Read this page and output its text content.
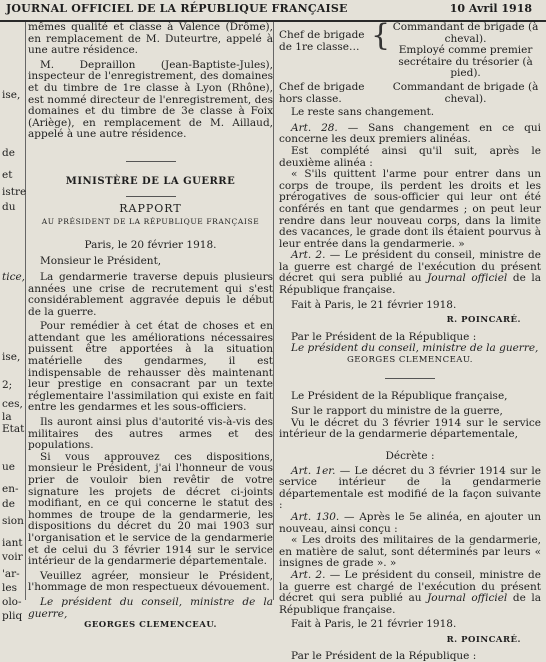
JOURNAL OFFICIEL DE LA RÉPUBLIQUE FRANÇAISE	10 Avril 1918
ise,
de
et
istre
du
tice,
ise,
2;
ces,
la
Etat
ue
en-
de
sion
iant
voir
'ar-
les
olo-
pliq

mêmes qualité et classe à Valence (Drôme), en remplacement de M. Duteurtre, appelé à une autre résidence.

M. Depraillon (Jean-Baptiste-Jules), inspecteur de l'enregistrement, des domaines et du timbre de 1re classe à Lyon (Rhône), est nommé directeur de l'enregistrement, des domaines et du timbre de 3e classe à Foix (Ariège), en remplacement de M. Aillaud, appelé à une autre résidence.

MINISTÈRE DE LA GUERRE

RAPPORT

AU PRÉSIDENT DE LA RÉPUBLIQUE FRANÇAISE

Paris, le 20 février 1918.

Monsieur le Président,

La gendarmerie traverse depuis plusieurs années une crise de recrutement qui s'est considérablement aggravée depuis le début de la guerre.

Pour remédier à cet état de choses et en attendant que les améliorations nécessaires puissent être apportées à la situation matérielle des gendarmes, il est indispensable de rehausser dès maintenant leur prestige en consacrant par un texte réglementaire l'assimilation qui existe en fait entre les gendarmes et les sous-officiers.

Ils auront ainsi plus d'autorité vis-à-vis des militaires des autres armes et des populations.

Si vous approuvez ces dispositions, monsieur le Président, j'ai l'honneur de vous prier de vouloir bien revêtir de votre signature les projets de décret ci-joints modifiant, en ce qui concerne le statut des hommes de troupe de la gendarmerie, les dispositions du décret du 20 mai 1903 sur l'organisation et le service de la gendarmerie et de celui du 3 février 1914 sur le service intérieur de la gendarmerie départementale.

Veuillez agréer, monsieur le Président, l'hommage de mon respectueux dévouement.

Le président du conseil, ministre de la guerre,

GEORGES CLEMENCEAU.

Chef de brigade de 1re classe…	{	Commandant de brigade (à cheval).
Employé comme premier secrétaire du trésorier (à pied).

Chef de brigade hors classe.		Commandant de brigade (à cheval).

Le reste sans changement.

Art. 28. — Sans changement en ce qui concerne les deux premiers alinéas.

Est complété ainsi qu'il suit, après le deuxième alinéa :

« S'ils quittent l'arme pour entrer dans un corps de troupe, ils perdent les droits et les prérogatives de sous-officier qui leur ont été conférés en tant que gendarmes ; on peut leur rendre dans leur nouveau corps, dans la limite des vacances, le grade dont ils étaient pourvus à leur entrée dans la gendarmerie. »

Art. 2. — Le président du conseil, ministre de la guerre est chargé de l'exécution du présent décret qui sera publié au Journal officiel de la République française.

Fait à Paris, le 21 février 1918.

R. POINCARÉ.

Par le Président de la République :

Le président du conseil, ministre de la guerre,

GEORGES CLEMENCEAU.

Le Président de la République française,

Sur le rapport du ministre de la guerre,

Vu le décret du 3 février 1914 sur le service intérieur de la gendarmerie départementale,

Décrète :

Art. 1er. — Le décret du 3 février 1914 sur le service intérieur de la gendarmerie départementale est modifié de la façon suivante :

Art. 130. — Après le 5e alinéa, en ajouter un nouveau, ainsi conçu :

« Les droits des militaires de la gendarmerie, en matière de salut, sont déterminés par leurs « insignes de grade ». »

Art. 2. — Le président du conseil, ministre de la guerre est chargé de l'exécution du présent décret qui sera publié au Journal officiel de la République française.

Fait à Paris, le 21 février 1918.

R. POINCARÉ.

Par le Président de la République :
